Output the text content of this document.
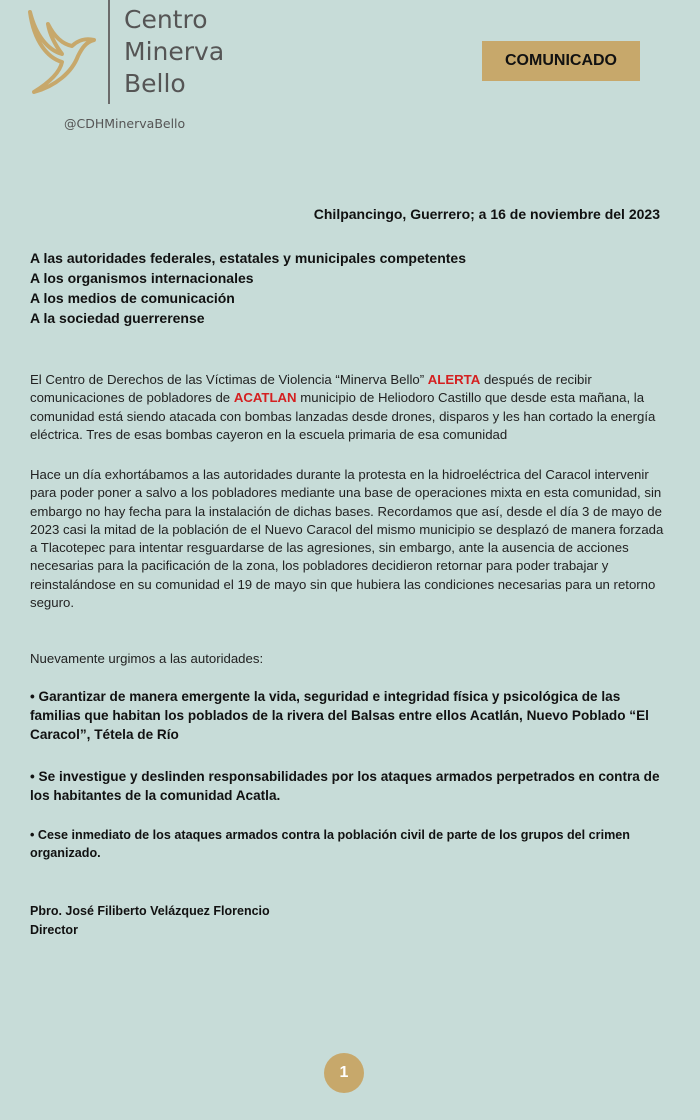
Centro
Minerva
Bello
@CDHMinervaBello
COMUNICADO
Chilpancingo, Guerrero; a 16 de noviembre del 2023
A las autoridades federales, estatales y municipales competentes
A los organismos internacionales
A los medios de comunicación
A la sociedad guerrerense
El Centro de Derechos de las Víctimas de Violencia “Minerva Bello” ALERTA después de recibir comunicaciones de pobladores de ACATLAN municipio de Heliodoro Castillo que desde esta mañana, la comunidad está siendo atacada con bombas lanzadas desde drones, disparos y les han cortado la energía eléctrica. Tres de esas bombas cayeron en la escuela primaria de esa comunidad
Hace un día exhortábamos a las autoridades durante la protesta en la hidroeléctrica del Caracol intervenir para poder poner a salvo a los pobladores mediante una base de operaciones mixta en esta comunidad, sin embargo no hay fecha para la instalación de dichas bases. Recordamos que así, desde el día 3 de mayo de 2023 casi la mitad de la población de el Nuevo Caracol del mismo municipio se desplazó de manera forzada a Tlacotepec para intentar resguardarse de las agresiones, sin embargo, ante la ausencia de acciones necesarias para la pacificación de la zona, los pobladores decidieron retornar para poder trabajar y reinstalándose en su comunidad el 19 de mayo sin que hubiera las condiciones necesarias para un retorno seguro.
Nuevamente urgimos a las autoridades:
• Garantizar de manera emergente la vida, seguridad e integridad física y psicológica de las familias que habitan los poblados de la rivera del Balsas entre ellos Acatlán, Nuevo Poblado “El Caracol”, Tétela de Río
• Se investigue y deslinden responsabilidades por los ataques armados perpetrados en contra de los habitantes de la comunidad Acatla.
• Cese inmediato de los ataques armados contra la población civil de parte de los grupos del crimen organizado.
Pbro. José Filiberto Velázquez Florencio
Director
1
